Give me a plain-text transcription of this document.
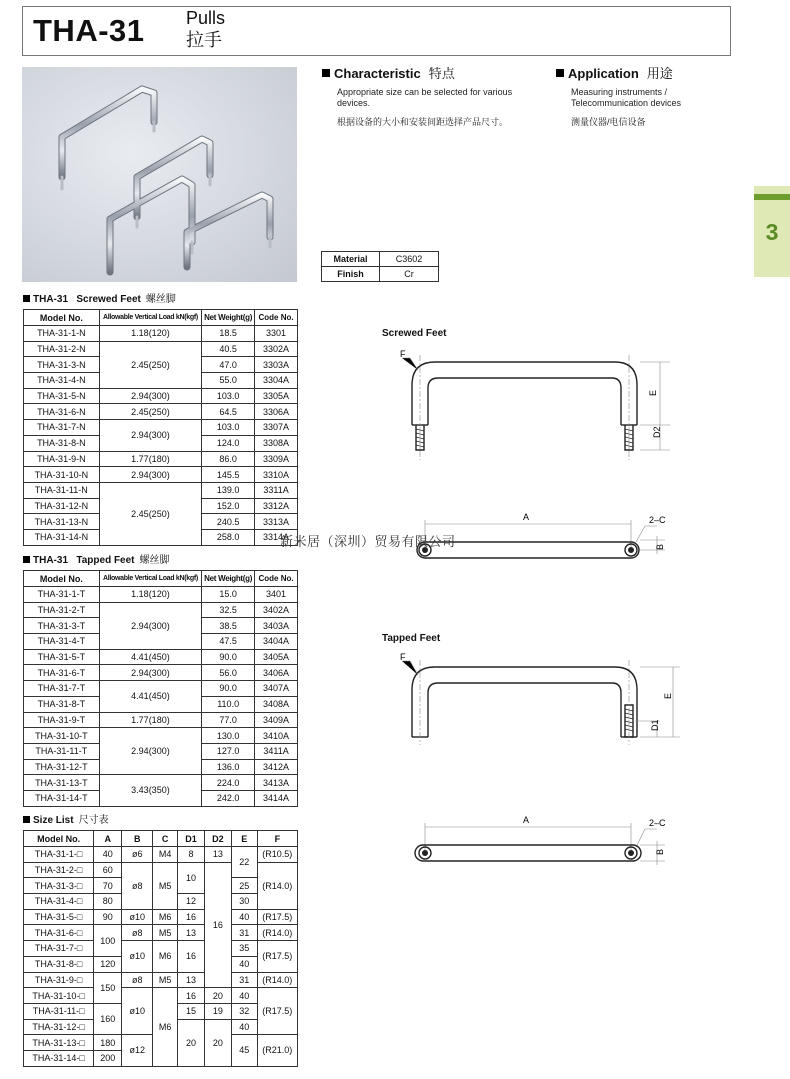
THA-31 Pulls
拉手
Characteristic 特点
Appropriate size can be selected for various devices.
根据设备的大小和安装间距选择产品尺寸。
Application 用途
Measuring instruments / Telecommunication devices
测量仪器/电信设备
3
Material	C3602
Finish	Cr
THA-31 Screwed Feet 螺丝脚
Model No.	Allowable Vertical Load kN(kgf)	Net Weight(g)	Code No.
THA-31-1-N	1.18(120)	18.5	3301
THA-31-2-N	2.45(250)	40.5	3302A
THA-31-3-N		47.0	3303A
THA-31-4-N		55.0	3304A
THA-31-5-N	2.94(300)	103.0	3305A
THA-31-6-N	2.45(250)	64.5	3306A
THA-31-7-N	2.94(300)	103.0	3307A
THA-31-8-N		124.0	3308A
THA-31-9-N	1.77(180)	86.0	3309A
THA-31-10-N	2.94(300)	145.5	3310A
THA-31-11-N	2.45(250)	139.0	3311A
THA-31-12-N		152.0	3312A
THA-31-13-N		240.5	3313A
THA-31-14-N		258.0	3314A
THA-31 Tapped Feet 螺丝脚
Model No.	Allowable Vertical Load kN(kgf)	Net Weight(g)	Code No.
THA-31-1-T	1.18(120)	15.0	3401
THA-31-2-T	2.94(300)	32.5	3402A
THA-31-3-T		38.5	3403A
THA-31-4-T		47.5	3404A
THA-31-5-T	4.41(450)	90.0	3405A
THA-31-6-T	2.94(300)	56.0	3406A
THA-31-7-T	4.41(450)	90.0	3407A
THA-31-8-T		110.0	3408A
THA-31-9-T	1.77(180)	77.0	3409A
THA-31-10-T	2.94(300)	130.0	3410A
THA-31-11-T		127.0	3411A
THA-31-12-T		136.0	3412A
THA-31-13-T	3.43(350)	224.0	3413A
THA-31-14-T		242.0	3414A
Size List 尺寸表
Model No.	A	B	C	D1	D2	E	F
THA-31-1-□	40	ø6	M4	8	13	22	(R10.5)
THA-31-2-□	60	ø8	M5	10	16		(R14.0)
THA-31-3-□	70					25	
THA-31-4-□	80			12		30	
THA-31-5-□	90	ø10	M6	16		40	(R17.5)
THA-31-6-□	100	ø8	M5	13		31	(R14.0)
THA-31-7-□		ø10	M6	16		35	(R17.5)
THA-31-8-□	120					40	
THA-31-9-□	150	ø8	M5	13		31	(R14.0)
THA-31-10-□		ø10	M6	16	20	40	(R17.5)
THA-31-11-□	160			15	19	32	
THA-31-12-□				20	20	40	
THA-31-13-□	180	ø12				45	(R21.0)
THA-31-14-□	200						
Screwed Feet
Tapped Feet
F
E
D2
A	2–C
B
新米居（深圳）贸易有限公司
F
E
D1
A	2–C
B
